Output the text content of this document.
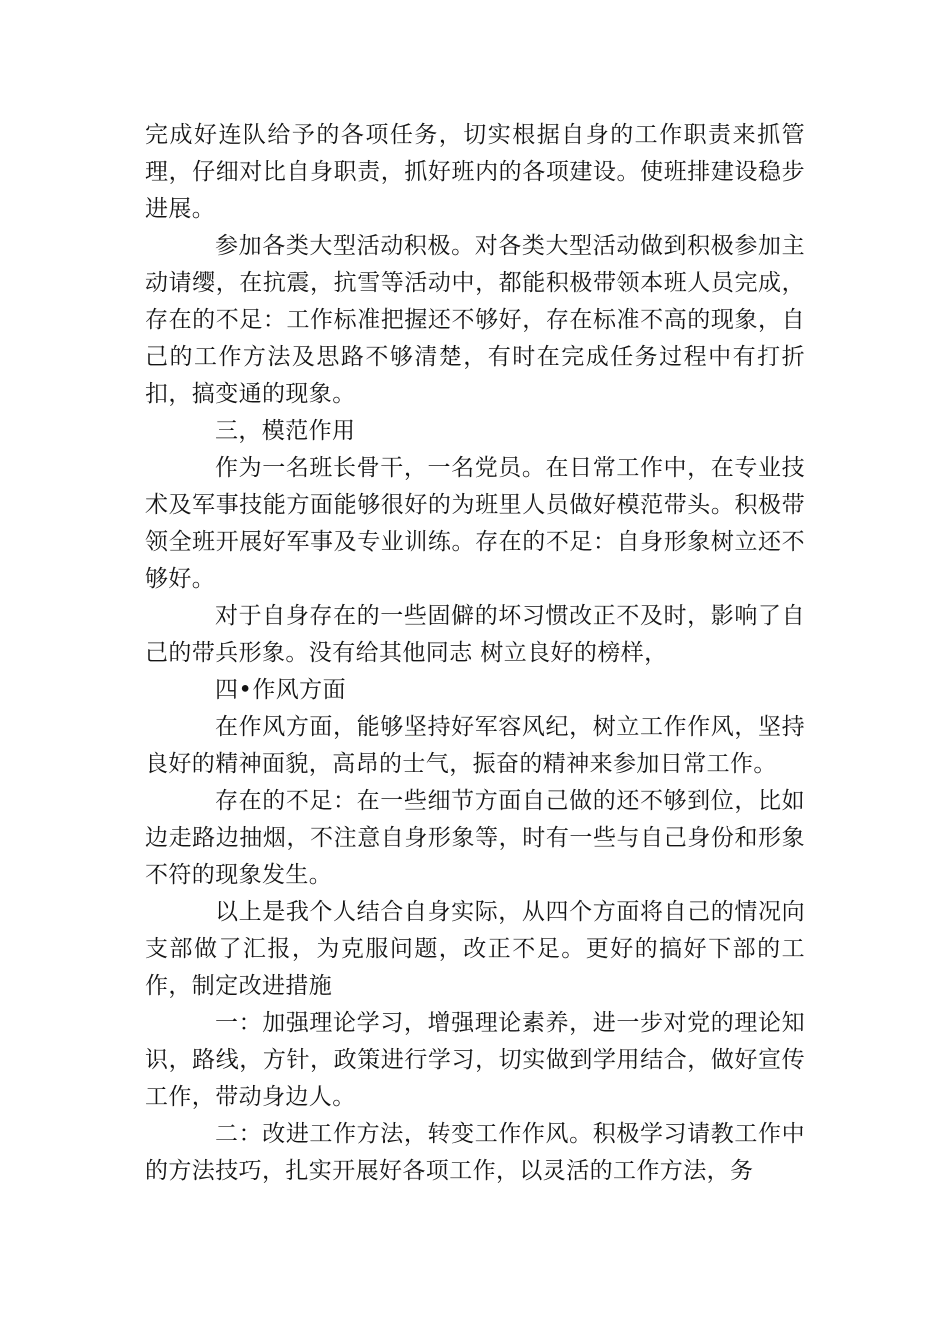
完成好连队给予的各项任务，切实根据自身的工作职责来抓管理，仔细对比自身职责，抓好班内的各项建设。使班排建设稳步进展。

参加各类大型活动积极。对各类大型活动做到积极参加主动请缨，在抗震，抗雪等活动中，都能积极带领本班人员完成，存在的不足：工作标准把握还不够好，存在标准不高的现象，自己的工作方法及思路不够清楚，有时在完成任务过程中有打折扣，搞变通的现象。

三，模范作用

作为一名班长骨干，一名党员。在日常工作中，在专业技术及军事技能方面能够很好的为班里人员做好模范带头。积极带领全班开展好军事及专业训练。存在的不足：自身形象树立还不够好。

对于自身存在的一些固僻的坏习惯改正不及时，影响了自己的带兵形象。没有给其他同志 树立良好的榜样，

四•作风方面

在作风方面，能够坚持好军容风纪，树立工作作风，坚持良好的精神面貌，高昂的士气，振奋的精神来参加日常工作。

存在的不足：在一些细节方面自己做的还不够到位，比如边走路边抽烟，不注意自身形象等，时有一些与自己身份和形象不符的现象发生。

以上是我个人结合自身实际，从四个方面将自己的情况向支部做了汇报，为克服问题，改正不足。更好的搞好下部的工作，制定改进措施

一：加强理论学习，增强理论素养，进一步对党的理论知识，路线，方针，政策进行学习，切实做到学用结合，做好宣传工作，带动身边人。

二：改进工作方法，转变工作作风。积极学习请教工作中的方法技巧，扎实开展好各项工作，以灵活的工作方法，务
